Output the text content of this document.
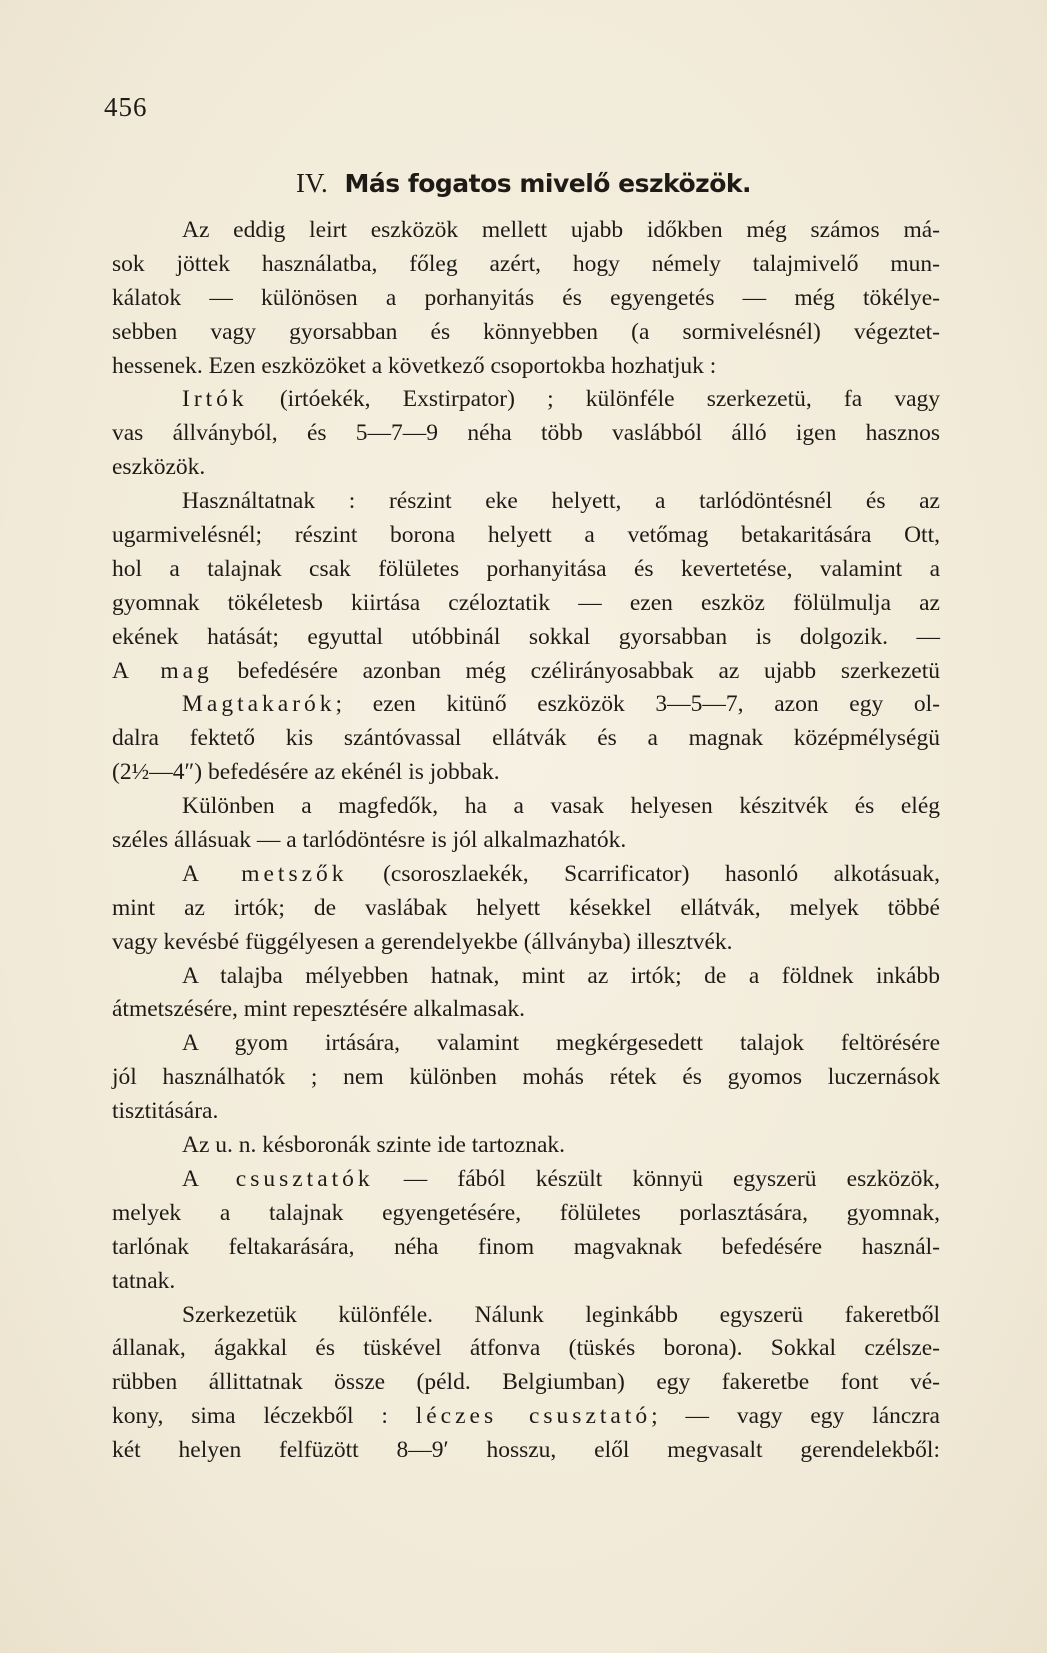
456
IV. Más fogatos mivelő eszközök.
Az eddig leirt eszközök mellett ujabb időkben még számos má-
sok jöttek használatba, főleg azért, hogy némely talajmivelő mun-
kálatok — különösen a porhanyitás és egyengetés — még tökélye-
sebben vagy gyorsabban és könnyebben (a sormivelésnél) végeztet-
hessenek. Ezen eszközöket a következő csoportokba hozhatjuk :
Irtók (irtóekék, Exstirpator) ; különféle szerkezetü, fa vagy
vas állványból, és 5—7—9 néha több vaslábból álló igen hasznos
eszközök.
Használtatnak : részint eke helyett, a tarlódöntésnél és az
ugarmivelésnél; részint borona helyett a vetőmag betakaritására Ott,
hol a talajnak csak fölületes porhanyitása és kevertetése, valamint a
gyomnak tökéletesb kiirtása czéloztatik — ezen eszköz fölülmulja az
ekének hatását; egyuttal utóbbinál sokkal gyorsabban is dolgozik. —
A mag befedésére azonban még czélirányosabbak az ujabb szerkezetü
Magtakarók; ezen kitünő eszközök 3—5—7, azon egy ol-
dalra fektető kis szántóvassal ellátvák és a magnak középmélységü
(2½—4″) befedésére az ekénél is jobbak.
Különben a magfedők, ha a vasak helyesen készitvék és elég
széles állásuak — a tarlódöntésre is jól alkalmazhatók.
A metszők (csoroszlaekék, Scarrificator) hasonló alkotásuak,
mint az irtók; de vaslábak helyett késekkel ellátvák, melyek többé
vagy kevésbé függélyesen a gerendelyekbe (állványba) illesztvék.
A talajba mélyebben hatnak, mint az irtók; de a földnek inkább
átmetszésére, mint repesztésére alkalmasak.
A gyom irtására, valamint megkérgesedett talajok feltörésére
jól használhatók ; nem különben mohás rétek és gyomos luczernások
tisztitására.
Az u. n. késboronák szinte ide tartoznak.
A csusztatók — fából készült könnyü egyszerü eszközök,
melyek a talajnak egyengetésére, fölületes porlasztására, gyomnak,
tarlónak feltakarására, néha finom magvaknak befedésére használ-
tatnak.
Szerkezetük különféle. Nálunk leginkább egyszerü fakeretből
állanak, ágakkal és tüskével átfonva (tüskés borona). Sokkal czélsze-
rübben állittatnak össze (péld. Belgiumban) egy fakeretbe font vé-
kony, sima léczekből : léczes csusztató; — vagy egy lánczra
két helyen felfüzött 8—9′ hosszu, elől megvasalt gerendelekből:
